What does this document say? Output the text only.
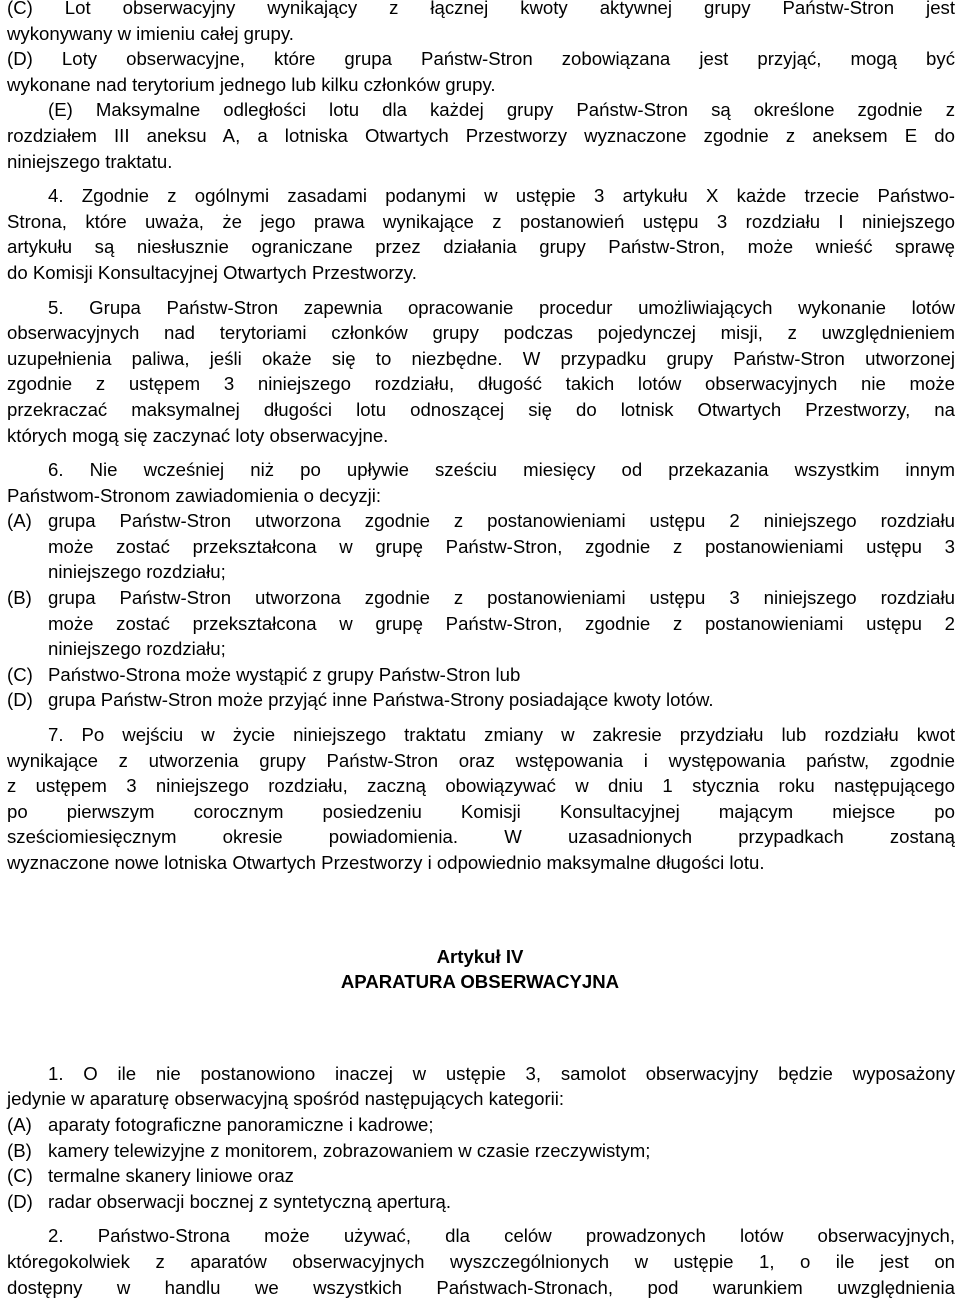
(C) Lot obserwacyjny wynikający z łącznej kwoty aktywnej grupy Państw-Stron jest
wykonywany w imieniu całej grupy.
(D) Loty obserwacyjne, które grupa Państw-Stron zobowiązana jest przyjąć, mogą być
wykonane nad terytorium jednego lub kilku członków grupy.
(E) Maksymalne odległości lotu dla każdej grupy Państw-Stron są określone zgodnie z
rozdziałem III aneksu A, a lotniska Otwartych Przestworzy wyznaczone zgodnie z aneksem E do
niniejszego traktatu.
4. Zgodnie z ogólnymi zasadami podanymi w ustępie 3 artykułu X każde trzecie Państwo-
Strona, które uważa, że jego prawa wynikające z postanowień ustępu 3 rozdziału I niniejszego
artykułu są niesłusznie ograniczane przez działania grupy Państw-Stron, może wnieść sprawę
do Komisji Konsultacyjnej Otwartych Przestworzy.
5. Grupa Państw-Stron zapewnia opracowanie procedur umożliwiających wykonanie lotów
obserwacyjnych nad terytoriami członków grupy podczas pojedynczej misji, z uwzględnieniem
uzupełnienia paliwa, jeśli okaże się to niezbędne. W przypadku grupy Państw-Stron utworzonej
zgodnie z ustępem 3 niniejszego rozdziału, długość takich lotów obserwacyjnych nie może
przekraczać maksymalnej długości lotu odnoszącej się do lotnisk Otwartych Przestworzy, na
których mogą się zaczynać loty obserwacyjne.
6. Nie wcześniej niż po upływie sześciu miesięcy od przekazania wszystkim innym
Państwom-Stronom zawiadomienia o decyzji:
(A) grupa Państw-Stron utworzona zgodnie z postanowieniami ustępu 2 niniejszego rozdziału
może zostać przekształcona w grupę Państw-Stron, zgodnie z postanowieniami ustępu 3
niniejszego rozdziału;
(B) grupa Państw-Stron utworzona zgodnie z postanowieniami ustępu 3 niniejszego rozdziału
może zostać przekształcona w grupę Państw-Stron, zgodnie z postanowieniami ustępu 2
niniejszego rozdziału;
(C) Państwo-Strona może wystąpić z grupy Państw-Stron lub
(D) grupa Państw-Stron może przyjąć inne Państwa-Strony posiadające kwoty lotów.
7. Po wejściu w życie niniejszego traktatu zmiany w zakresie przydziału lub rozdziału kwot
wynikające z utworzenia grupy Państw-Stron oraz wstępowania i występowania państw, zgodnie
z ustępem 3 niniejszego rozdziału, zaczną obowiązywać w dniu 1 stycznia roku następującego
po pierwszym corocznym posiedzeniu Komisji Konsultacyjnej mającym miejsce po
sześciomiesięcznym okresie powiadomienia. W uzasadnionych przypadkach zostaną
wyznaczone nowe lotniska Otwartych Przestworzy i odpowiednio maksymalne długości lotu.
Artykuł IV
APARATURA OBSERWACYJNA
1. O ile nie postanowiono inaczej w ustępie 3, samolot obserwacyjny będzie wyposażony
jedynie w aparaturę obserwacyjną spośród następujących kategorii:
(A) aparaty fotograficzne panoramiczne i kadrowe;
(B) kamery telewizyjne z monitorem, zobrazowaniem w czasie rzeczywistym;
(C) termalne skanery liniowe oraz
(D) radar obserwacji bocznej z syntetyczną aperturą.
2. Państwo-Strona może używać, dla celów prowadzonych lotów obserwacyjnych,
któregokolwiek z aparatów obserwacyjnych wyszczególnionych w ustępie 1, o ile jest on
dostępny w handlu we wszystkich Państwach-Stronach, pod warunkiem uwzględnienia
